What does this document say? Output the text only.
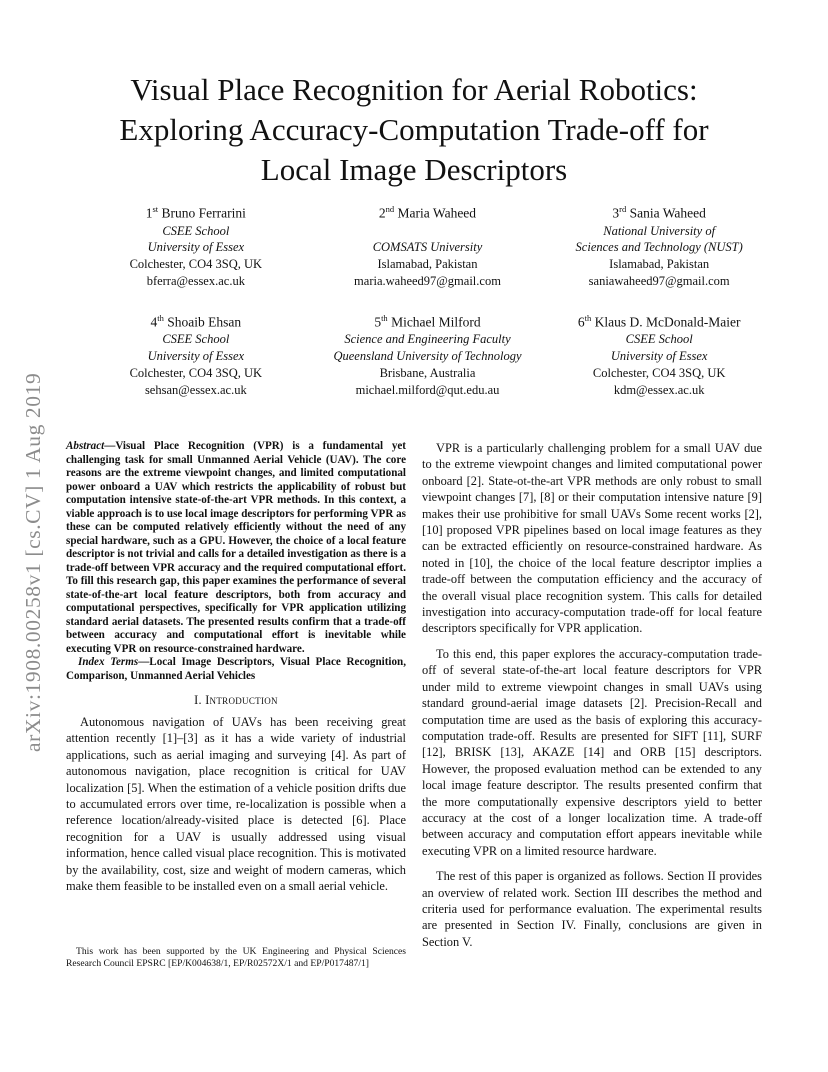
arXiv:1908.00258v1 [cs.CV] 1 Aug 2019
Visual Place Recognition for Aerial Robotics:
Exploring Accuracy-Computation Trade-off for
Local Image Descriptors
1st Bruno Ferrarini
CSEE School
University of Essex
Colchester, CO4 3SQ, UK
bferra@essex.ac.uk
2nd Maria Waheed

COMSATS University
Islamabad, Pakistan
maria.waheed97@gmail.com
3rd Sania Waheed
National University of
Sciences and Technology (NUST)
Islamabad, Pakistan
saniawaheed97@gmail.com
4th Shoaib Ehsan
CSEE School
University of Essex
Colchester, CO4 3SQ, UK
sehsan@essex.ac.uk
5th Michael Milford
Science and Engineering Faculty
Queensland University of Technology
Brisbane, Australia
michael.milford@qut.edu.au
6th Klaus D. McDonald-Maier
CSEE School
University of Essex
Colchester, CO4 3SQ, UK
kdm@essex.ac.uk
Abstract—Visual Place Recognition (VPR) is a fundamental yet challenging task for small Unmanned Aerial Vehicle (UAV). The core reasons are the extreme viewpoint changes, and limited computational power onboard a UAV which restricts the applicability of robust but computation intensive state-of-the-art VPR methods. In this context, a viable approach is to use local image descriptors for performing VPR as these can be computed relatively efficiently without the need of any special hardware, such as a GPU. However, the choice of a local feature descriptor is not trivial and calls for a detailed investigation as there is a trade-off between VPR accuracy and the required computational effort. To fill this research gap, this paper examines the performance of several state-of-the-art local feature descriptors, both from accuracy and computational perspectives, specifically for VPR application utilizing standard aerial datasets. The presented results confirm that a trade-off between accuracy and computational effort is inevitable while executing VPR on resource-constrained hardware.
Index Terms—Local Image Descriptors, Visual Place Recognition, Comparison, Unmanned Aerial Vehicles
I. Introduction

Autonomous navigation of UAVs has been receiving great attention recently [1]–[3] as it has a wide variety of industrial applications, such as aerial imaging and surveying [4]. As part of autonomous navigation, place recognition is critical for UAV localization [5]. When the estimation of a vehicle position drifts due to accumulated errors over time, re-localization is possible when a reference location/already-visited place is detected [6]. Place recognition for a UAV is usually addressed using visual information, hence called visual place recognition. This is motivated by the availability, cost, size and weight of modern cameras, which make them feasible to be installed even on a small aerial vehicle.

This work has been supported by the UK Engineering and Physical Sciences Research Council EPSRC [EP/K004638/1, EP/R02572X/1 and EP/P017487/1]

VPR is a particularly challenging problem for a small UAV due to the extreme viewpoint changes and limited computational power onboard [2]. State-ot-the-art VPR methods are only robust to small viewpoint changes [7], [8] or their computation intensive nature [9] makes their use prohibitive for small UAVs Some recent works [2], [10] proposed VPR pipelines based on local image features as they can be extracted efficiently on resource-constrained hardware. As noted in [10], the choice of the local feature descriptor implies a trade-off between the computation efficiency and the accuracy of the overall visual place recognition system. This calls for detailed investigation into accuracy-computation trade-off for local feature descriptors specifically for VPR application.

To this end, this paper explores the accuracy-computation trade-off of several state-of-the-art local feature descriptors for VPR under mild to extreme viewpoint changes in small UAVs using standard ground-aerial image datasets [2]. Precision-Recall and computation time are used as the basis of exploring this accuracy-computation trade-off. Results are presented for SIFT [11], SURF [12], BRISK [13], AKAZE [14] and ORB [15] descriptors. However, the proposed evaluation method can be extended to any local image feature descriptor. The results presented confirm that the more computationally expensive descriptors yield to better accuracy at the cost of a longer localization time. A trade-off between accuracy and computation effort appears inevitable while executing VPR on a limited resource hardware.

The rest of this paper is organized as follows. Section II provides an overview of related work. Section III describes the method and criteria used for performance evaluation. The experimental results are presented in Section IV. Finally, conclusions are given in Section V.
